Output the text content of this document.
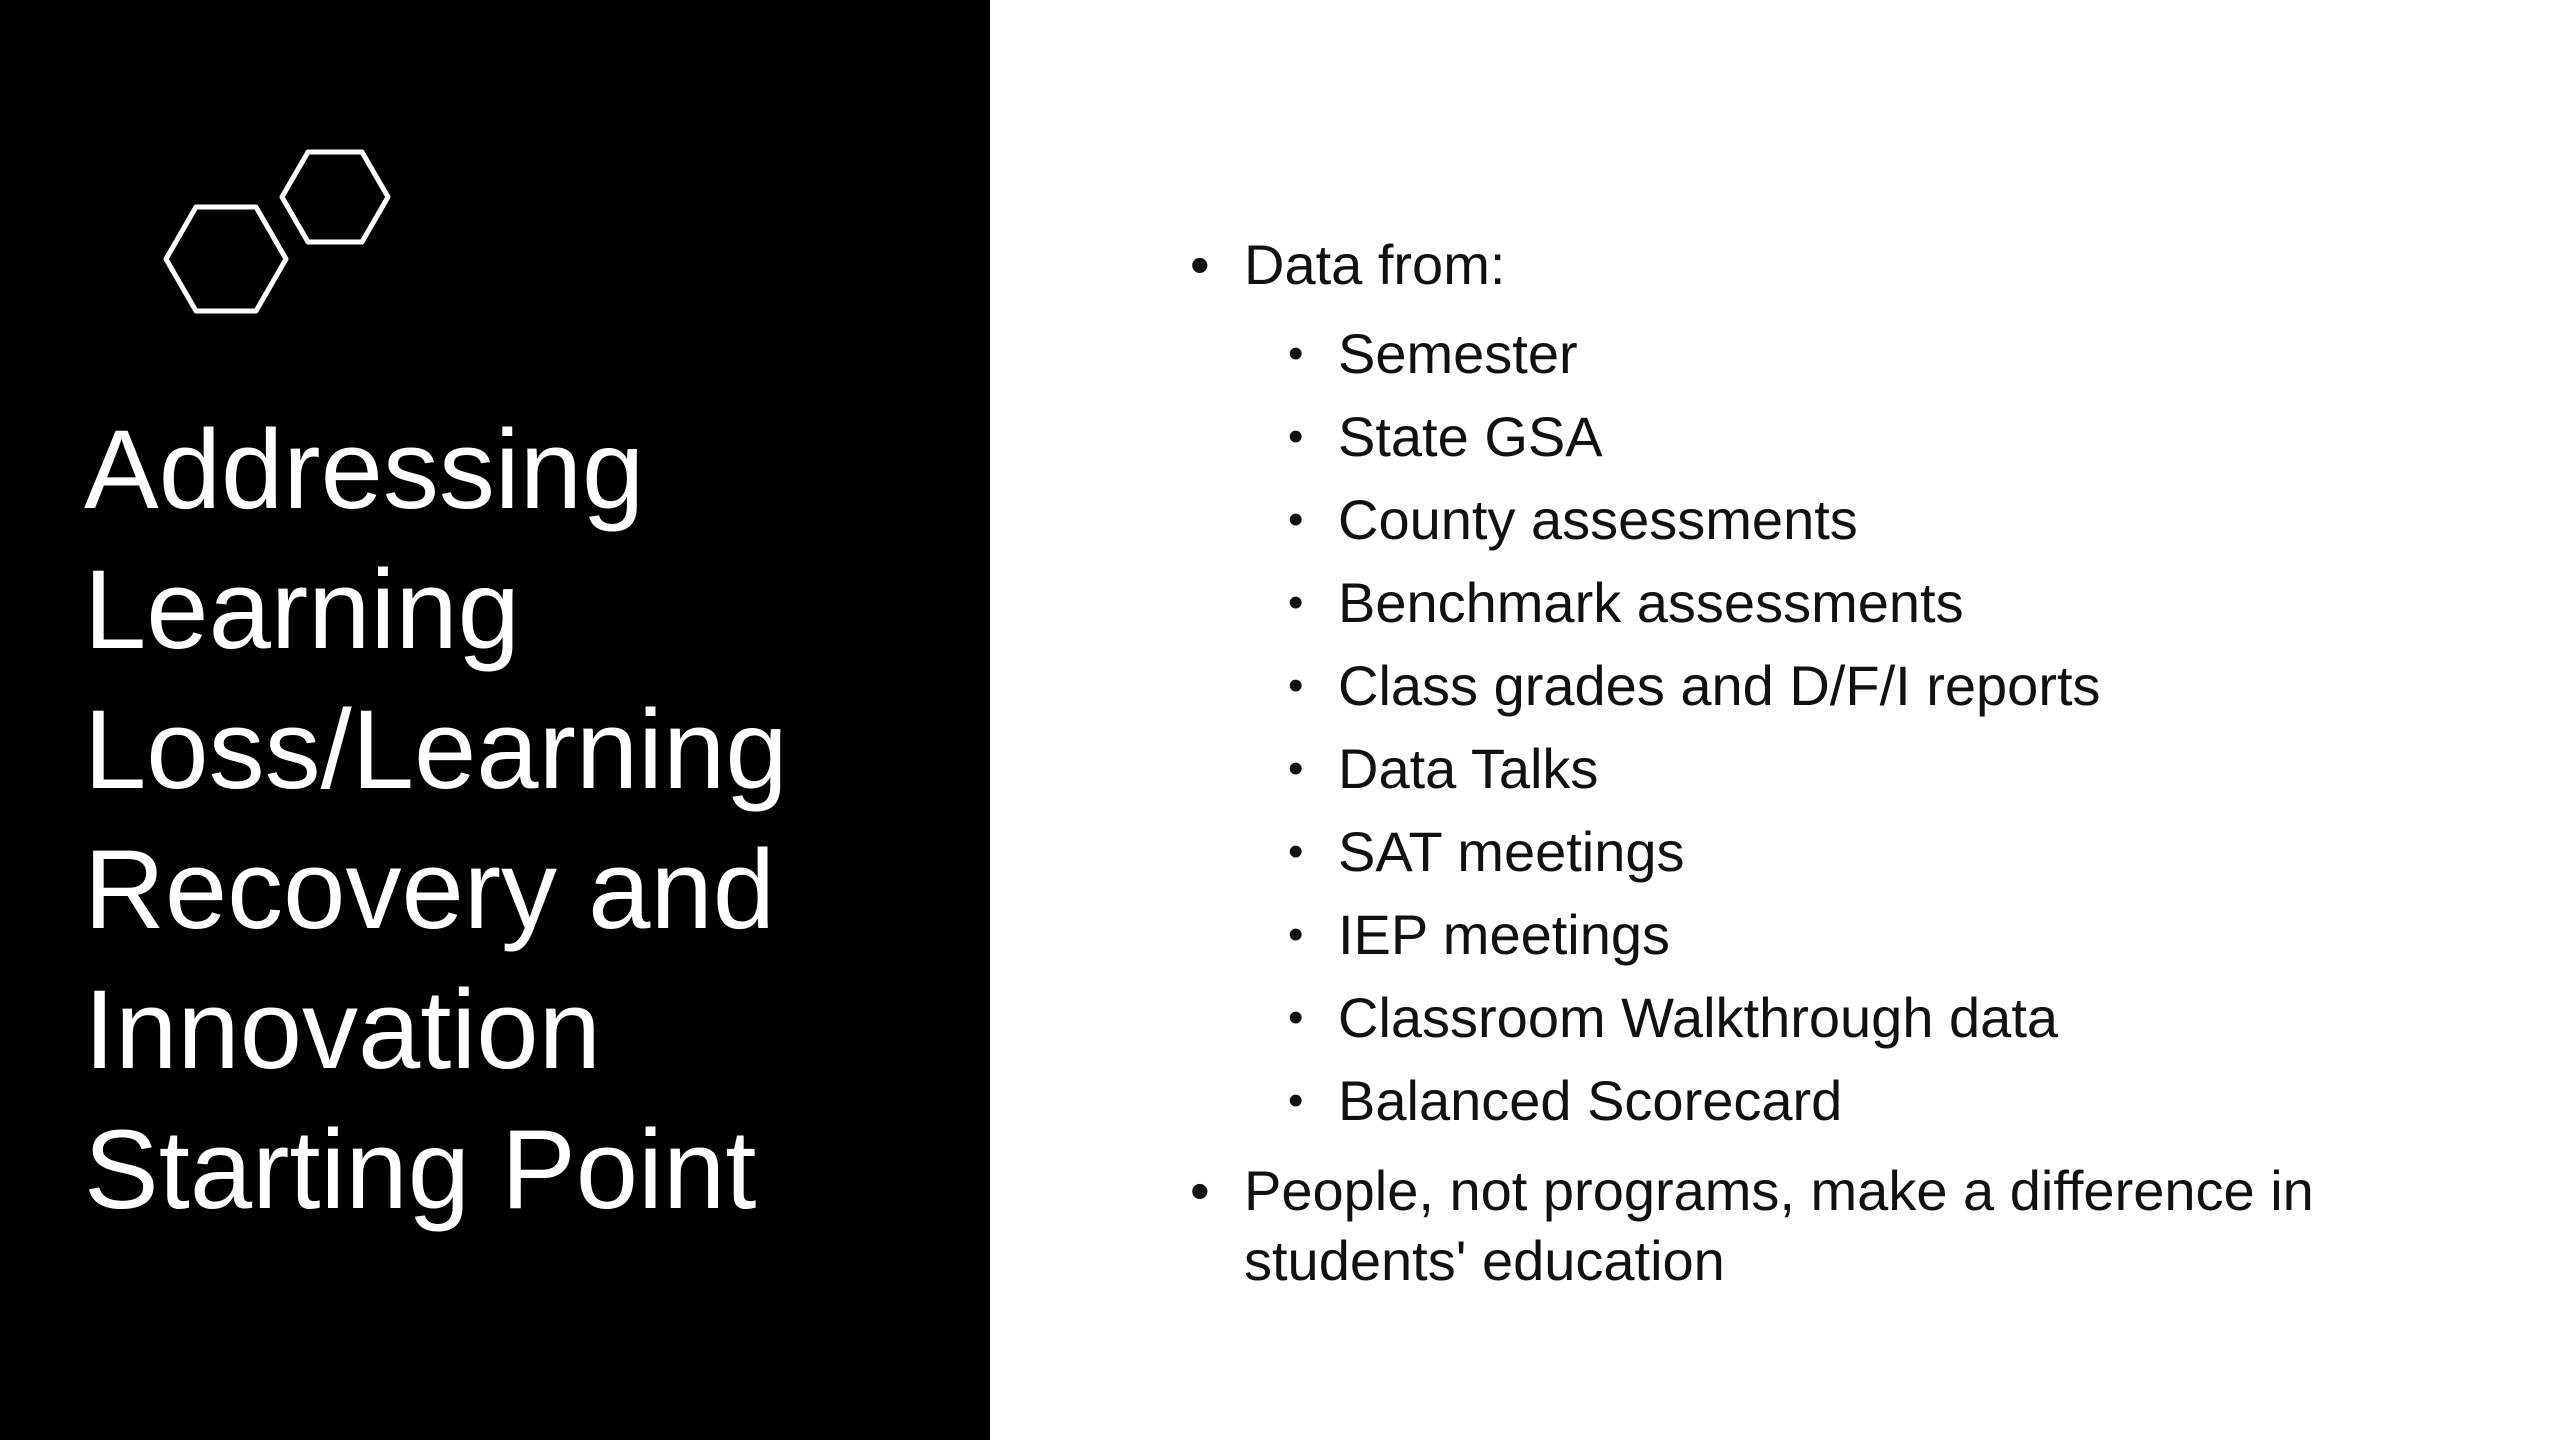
Addressing
Learning
Loss/Learning
Recovery and
Innovation
Starting Point
• Data from:
• Semester
• State GSA
• County assessments
• Benchmark assessments
• Class grades and D/F/I reports
• Data Talks
• SAT meetings
• IEP meetings
• Classroom Walkthrough data
• Balanced Scorecard
• People, not programs, make a difference in students' education
